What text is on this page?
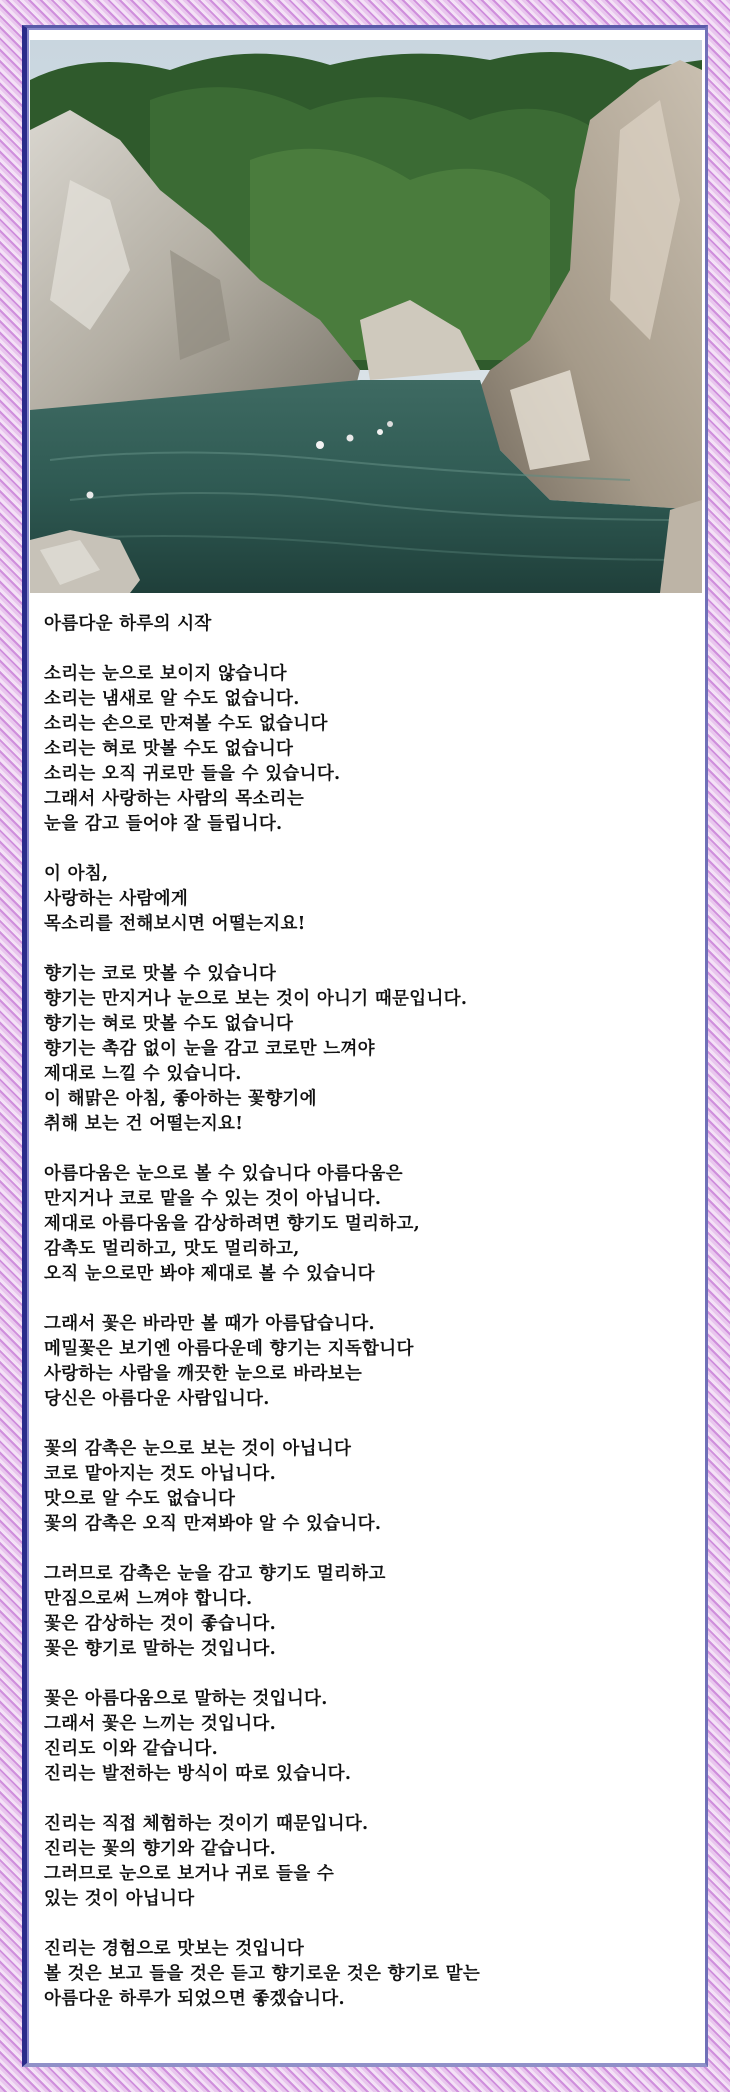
아름다운 하루의 시작
소리는 눈으로 보이지 않습니다
소리는 냄새로 알 수도 없습니다.
소리는 손으로 만져볼 수도 없습니다
소리는 혀로 맛볼 수도 없습니다
소리는 오직 귀로만 들을 수 있습니다.
그래서 사랑하는 사람의 목소리는
눈을 감고 들어야 잘 들립니다.
이 아침,
사랑하는 사람에게
목소리를 전해보시면 어떨는지요!
향기는 코로 맛볼 수 있습니다
향기는 만지거나 눈으로 보는 것이 아니기 때문입니다.
향기는 혀로 맛볼 수도 없습니다
향기는 촉감 없이 눈을 감고 코로만 느껴야
제대로 느낄 수 있습니다.
이 해맑은 아침, 좋아하는 꽃향기에
취해 보는 건 어떨는지요!
아름다움은 눈으로 볼 수 있습니다 아름다움은
만지거나 코로 맡을 수 있는 것이 아닙니다.
제대로 아름다움을 감상하려면 향기도 멀리하고,
감촉도 멀리하고, 맛도 멀리하고,
오직 눈으로만 봐야 제대로 볼 수 있습니다
그래서 꽃은 바라만 볼 때가 아름답습니다.
메밀꽃은 보기엔 아름다운데 향기는 지독합니다
사랑하는 사람을 깨끗한 눈으로 바라보는
당신은 아름다운 사람입니다.
꽃의 감촉은 눈으로 보는 것이 아닙니다
코로 맡아지는 것도 아닙니다.
맛으로 알 수도 없습니다
꽃의 감촉은 오직 만져봐야 알 수 있습니다.
그러므로 감촉은 눈을 감고 향기도 멀리하고
만짐으로써 느껴야 합니다.
꽃은 감상하는 것이 좋습니다.
꽃은 향기로 말하는 것입니다.
꽃은 아름다움으로 말하는 것입니다.
그래서 꽃은 느끼는 것입니다.
진리도 이와 같습니다.
진리는 발전하는 방식이 따로 있습니다.
진리는 직접 체험하는 것이기 때문입니다.
진리는 꽃의 향기와 같습니다.
그러므로 눈으로 보거나 귀로 들을 수
있는 것이 아닙니다
진리는 경험으로 맛보는 것입니다
볼 것은 보고 들을 것은 듣고 향기로운 것은 향기로 맡는
아름다운 하루가 되었으면 좋겠습니다.
